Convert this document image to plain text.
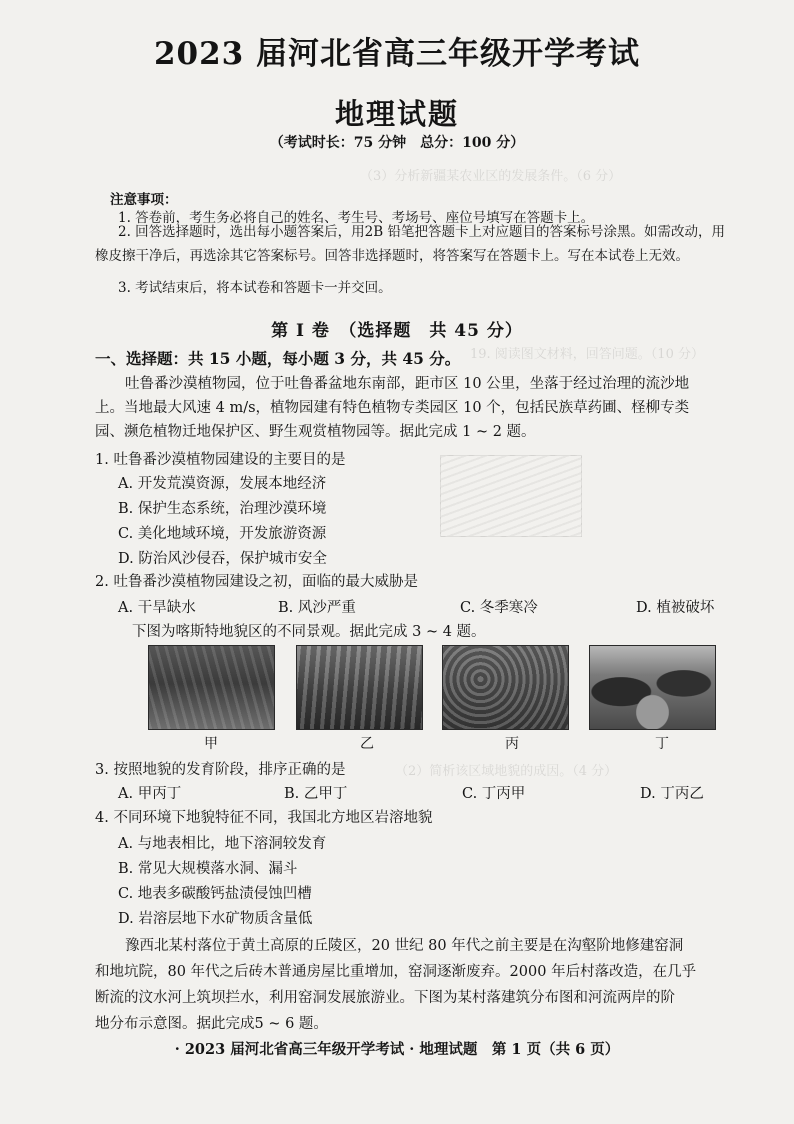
（3）分析新疆某农业区的发展条件。（6 分）
19. 阅读图文材料，回答问题。（10 分）
（2）简析该区域地貌的成因。（4 分）
2023 届河北省高三年级开学考试
地理试题
（考试时长：75 分钟　总分：100 分）
注意事项：
1. 答卷前，考生务必将自己的姓名、考生号、考场号、座位号填写在答题卡上。
2. 回答选择题时，选出每小题答案后，用2B 铅笔把答题卡上对应题目的答案标号涂黑。如需改动，用
橡皮擦干净后，再选涂其它答案标号。回答非选择题时，将答案写在答题卡上。写在本试卷上无效。
3. 考试结束后，将本试卷和答题卡一并交回。
第 I 卷　（选择题　共 45 分）
一、选择题：共 15 小题，每小题 3 分，共 45 分。
吐鲁番沙漠植物园，位于吐鲁番盆地东南部，距市区 10 公里，坐落于经过治理的流沙地
上。当地最大风速 4 m/s，植物园建有特色植物专类园区 10 个，包括民族草药圃、柽柳专类
园、濒危植物迁地保护区、野生观赏植物园等。据此完成 1 ~ 2 题。
1. 吐鲁番沙漠植物园建设的主要目的是
A. 开发荒漠资源，发展本地经济
B. 保护生态系统，治理沙漠环境
C. 美化地域环境，开发旅游资源
D. 防治风沙侵吞，保护城市安全
2. 吐鲁番沙漠植物园建设之初，面临的最大威胁是
A. 干旱缺水	B. 风沙严重	C. 冬季寒冷	D. 植被破坏
下图为喀斯特地貌区的不同景观。据此完成 3 ~ 4 题。
甲	乙	丙	丁
3. 按照地貌的发育阶段，排序正确的是
A. 甲丙丁	B. 乙甲丁	C. 丁丙甲	D. 丁丙乙
4. 不同环境下地貌特征不同，我国北方地区岩溶地貌
A. 与地表相比，地下溶洞较发育
B. 常见大规模落水洞、漏斗
C. 地表多碳酸钙盐渍侵蚀凹槽
D. 岩溶层地下水矿物质含量低
豫西北某村落位于黄土高原的丘陵区，20 世纪 80 年代之前主要是在沟壑阶地修建窑洞
和地坑院，80 年代之后砖木普通房屋比重增加，窑洞逐渐废弃。2000 年后村落改造，在几乎
断流的汶水河上筑坝拦水，利用窑洞发展旅游业。下图为某村落建筑分布图和河流两岸的阶
地分布示意图。据此完成5 ~ 6 题。
· 2023 届河北省高三年级开学考试 · 地理试题　第 1 页（共 6 页）
